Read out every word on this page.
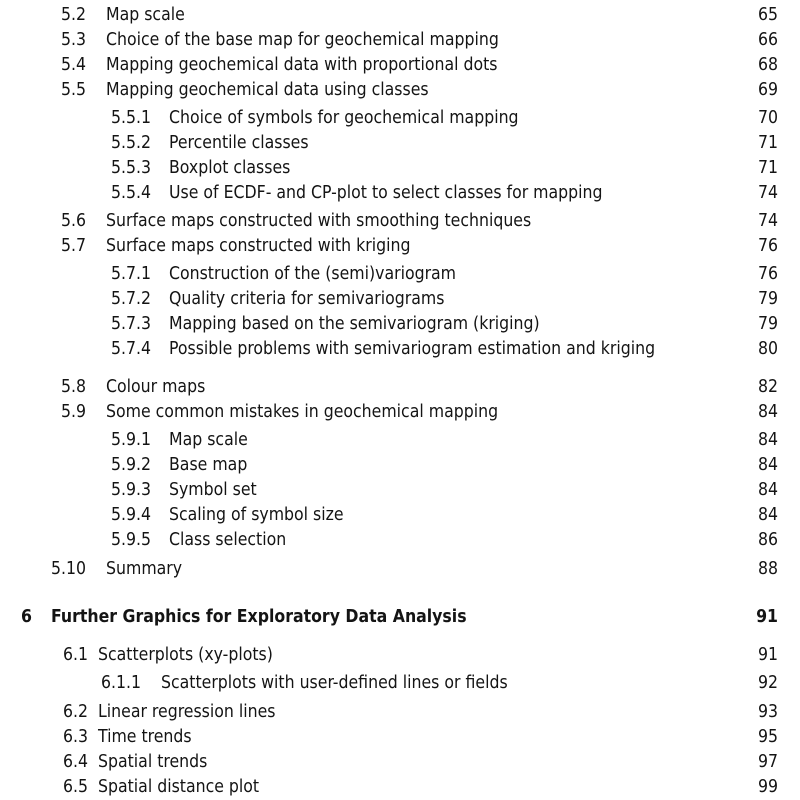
5.2 Map scale	65
5.3 Choice of the base map for geochemical mapping	66
5.4 Mapping geochemical data with proportional dots	68
5.5 Mapping geochemical data using classes	69
5.5.1 Choice of symbols for geochemical mapping	70
5.5.2 Percentile classes	71
5.5.3 Boxplot classes	71
5.5.4 Use of ECDF- and CP-plot to select classes for mapping	74
5.6 Surface maps constructed with smoothing techniques	74
5.7 Surface maps constructed with kriging	76
5.7.1 Construction of the (semi)variogram	76
5.7.2 Quality criteria for semivariograms	79
5.7.3 Mapping based on the semivariogram (kriging)	79
5.7.4 Possible problems with semivariogram estimation and kriging	80
5.8 Colour maps	82
5.9 Some common mistakes in geochemical mapping	84
5.9.1 Map scale	84
5.9.2 Base map	84
5.9.3 Symbol set	84
5.9.4 Scaling of symbol size	84
5.9.5 Class selection	86
5.10 Summary	88
6 Further Graphics for Exploratory Data Analysis	91
6.1 Scatterplots (xy-plots)	91
6.1.1 Scatterplots with user-defined lines or fields	92
6.2 Linear regression lines	93
6.3 Time trends	95
6.4 Spatial trends	97
6.5 Spatial distance plot	99
